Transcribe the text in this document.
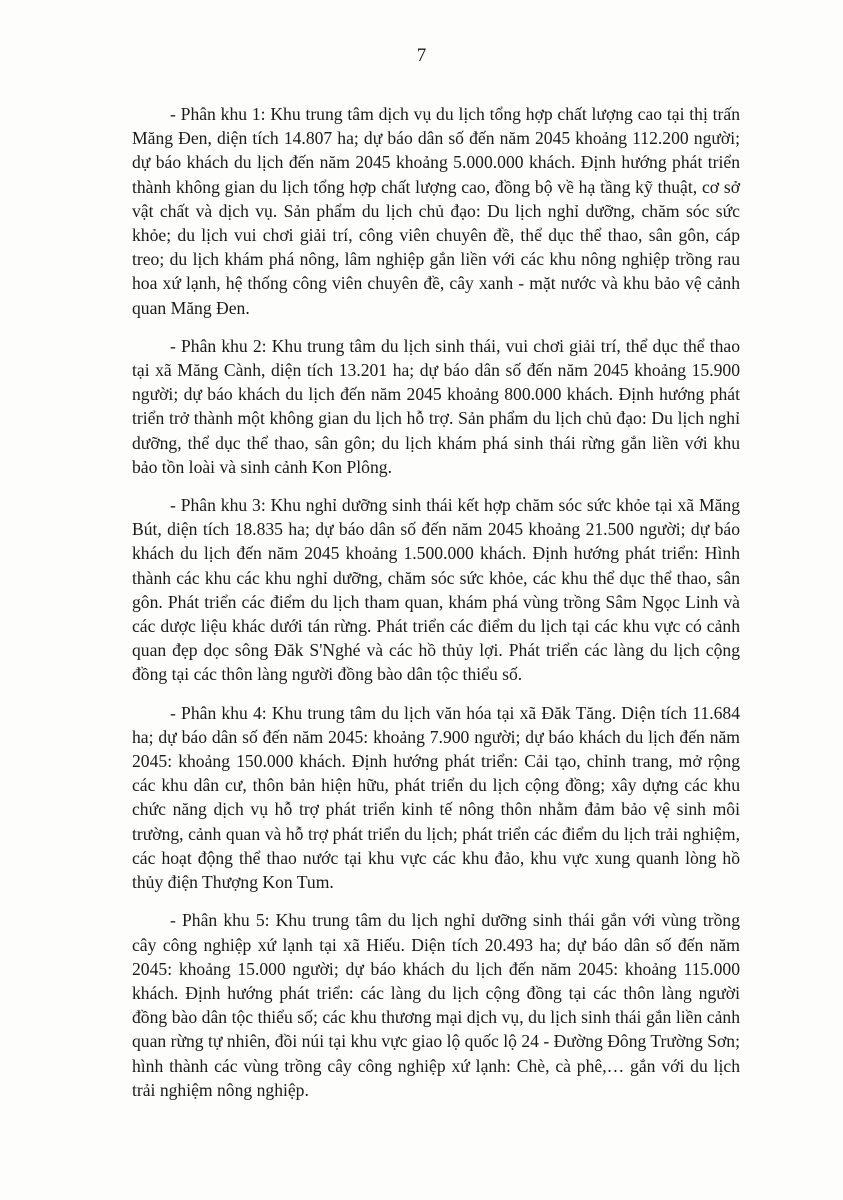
7

- Phân khu 1: Khu trung tâm dịch vụ du lịch tổng hợp chất lượng cao tại thị trấn Măng Đen, diện tích 14.807 ha; dự báo dân số đến năm 2045 khoảng 112.200 người; dự báo khách du lịch đến năm 2045 khoảng 5.000.000 khách. Định hướng phát triển thành không gian du lịch tổng hợp chất lượng cao, đồng bộ về hạ tầng kỹ thuật, cơ sở vật chất và dịch vụ. Sản phẩm du lịch chủ đạo: Du lịch nghỉ dưỡng, chăm sóc sức khỏe; du lịch vui chơi giải trí, công viên chuyên đề, thể dục thể thao, sân gôn, cáp treo; du lịch khám phá nông, lâm nghiệp gắn liền với các khu nông nghiệp trồng rau hoa xứ lạnh, hệ thống công viên chuyên đề, cây xanh - mặt nước và khu bảo vệ cảnh quan Măng Đen.

- Phân khu 2: Khu trung tâm du lịch sinh thái, vui chơi giải trí, thể dục thể thao tại xã Măng Cành, diện tích 13.201 ha; dự báo dân số đến năm 2045 khoảng 15.900 người; dự báo khách du lịch đến năm 2045 khoảng 800.000 khách. Định hướng phát triển trở thành một không gian du lịch hỗ trợ. Sản phẩm du lịch chủ đạo: Du lịch nghỉ dưỡng, thể dục thể thao, sân gôn; du lịch khám phá sinh thái rừng gắn liền với khu bảo tồn loài và sinh cảnh Kon Plông.

- Phân khu 3: Khu nghỉ dưỡng sinh thái kết hợp chăm sóc sức khỏe tại xã Măng Bút, diện tích 18.835 ha; dự báo dân số đến năm 2045 khoảng 21.500 người; dự báo khách du lịch đến năm 2045 khoảng 1.500.000 khách. Định hướng phát triển: Hình thành các khu các khu nghỉ dưỡng, chăm sóc sức khỏe, các khu thể dục thể thao, sân gôn. Phát triển các điểm du lịch tham quan, khám phá vùng trồng Sâm Ngọc Linh và các dược liệu khác dưới tán rừng. Phát triển các điểm du lịch tại các khu vực có cảnh quan đẹp dọc sông Đăk S'Nghé và các hồ thủy lợi. Phát triển các làng du lịch cộng đồng tại các thôn làng người đồng bào dân tộc thiểu số.

- Phân khu 4: Khu trung tâm du lịch văn hóa tại xã Đăk Tăng. Diện tích 11.684 ha; dự báo dân số đến năm 2045: khoảng 7.900 người; dự báo khách du lịch đến năm 2045: khoảng 150.000 khách. Định hướng phát triển: Cải tạo, chỉnh trang, mở rộng các khu dân cư, thôn bản hiện hữu, phát triển du lịch cộng đồng; xây dựng các khu chức năng dịch vụ hỗ trợ phát triển kinh tế nông thôn nhằm đảm bảo vệ sinh môi trường, cảnh quan và hỗ trợ phát triển du lịch; phát triển các điểm du lịch trải nghiệm, các hoạt động thể thao nước tại khu vực các khu đảo, khu vực xung quanh lòng hồ thủy điện Thượng Kon Tum.

- Phân khu 5: Khu trung tâm du lịch nghỉ dưỡng sinh thái gắn với vùng trồng cây công nghiệp xứ lạnh tại xã Hiếu. Diện tích 20.493 ha; dự báo dân số đến năm 2045: khoảng 15.000 người; dự báo khách du lịch đến năm 2045: khoảng 115.000 khách. Định hướng phát triển: các làng du lịch cộng đồng tại các thôn làng người đồng bào dân tộc thiểu số; các khu thương mại dịch vụ, du lịch sinh thái gắn liền cảnh quan rừng tự nhiên, đồi núi tại khu vực giao lộ quốc lộ 24 - Đường Đông Trường Sơn; hình thành các vùng trồng cây công nghiệp xứ lạnh: Chè, cà phê,… gắn với du lịch trải nghiệm nông nghiệp.
